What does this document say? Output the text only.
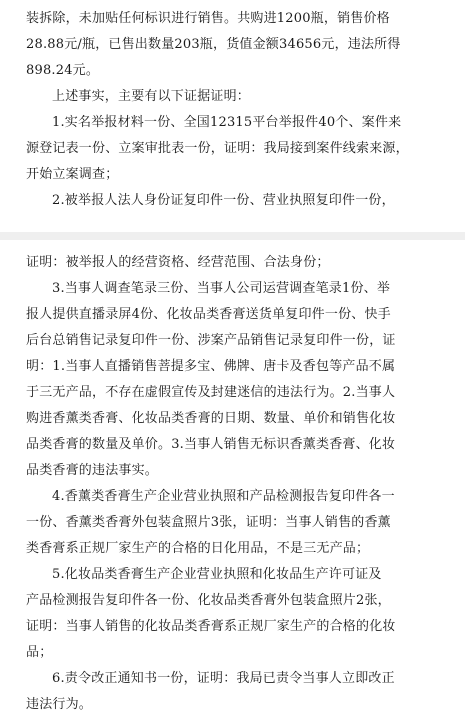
装拆除，未加贴任何标识进行销售。共购进1200瓶，销售价格
28.88元/瓶，已售出数量203瓶，货值金额34656元，违法所得
898.24元。
上述事实，主要有以下证据证明：
1.实名举报材料一份、全国12315平台举报件40个、案件来
源登记表一份、立案审批表一份，证明：我局接到案件线索来源，
开始立案调查；
2.被举报人法人身份证复印件一份、营业执照复印件一份，
证明：被举报人的经营资格、经营范围、合法身份；
3.当事人调查笔录三份、当事人公司运营调查笔录1份、举
报人提供直播录屏4份、化妆品类香膏送货单复印件一份、快手
后台总销售记录复印件一份、涉案产品销售记录复印件一份，证
明：1.当事人直播销售菩提多宝、佛牌、唐卡及香包等产品不属
于三无产品，不存在虚假宣传及封建迷信的违法行为。2.当事人
购进香薰类香膏、化妆品类香膏的日期、数量、单价和销售化妆
品类香膏的数量及单价。3.当事人销售无标识香薰类香膏、化妆
品类香膏的违法事实。
4.香薰类香膏生产企业营业执照和产品检测报告复印件各一
一份、香薰类香膏外包装盒照片3张，证明：当事人销售的香薰
类香膏系正规厂家生产的合格的日化用品，不是三无产品；
5.化妆品类香膏生产企业营业执照和化妆品生产许可证及
产品检测报告复印件各一份、化妆品类香膏外包装盒照片2张，
证明：当事人销售的化妆品类香膏系正规厂家生产的合格的化妆
品；
6.责令改正通知书一份，证明：我局已责令当事人立即改正
违法行为。
